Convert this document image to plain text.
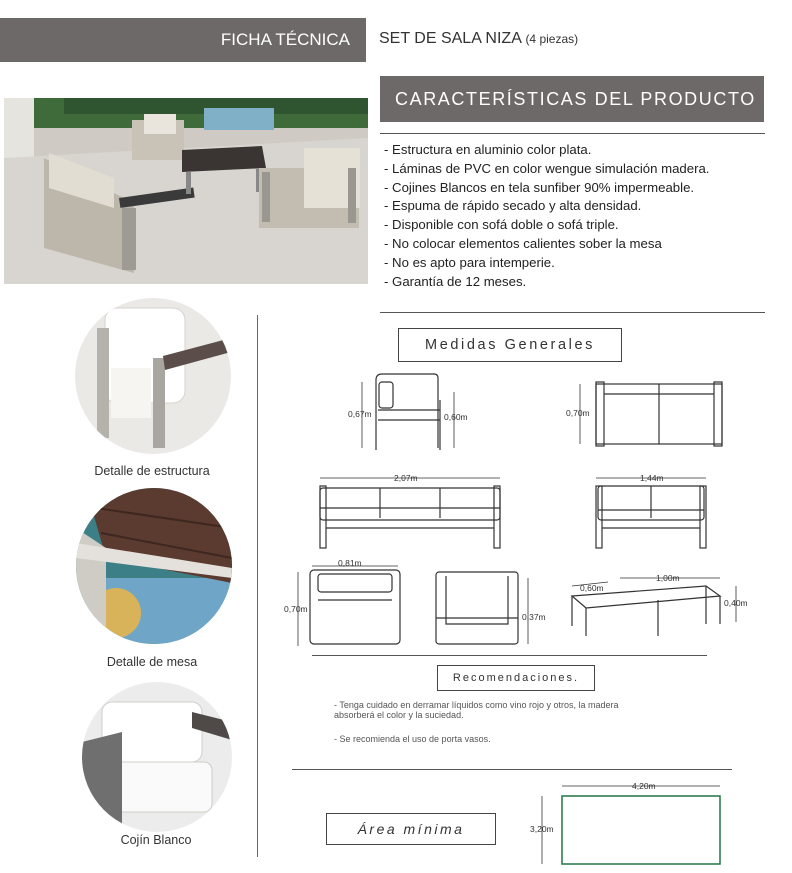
FICHA TÉCNICA SET DE SALA NIZA (4 piezas)
CARACTERÍSTICAS DEL PRODUCTO
- Estructura en aluminio color plata.
- Láminas de PVC en color wengue simulación madera.
- Cojines Blancos en tela sunfiber 90% impermeable.
- Espuma de rápido secado y alta densidad.
- Disponible con sofá doble o sofá triple.
- No colocar elementos calientes sober la mesa
- No es apto para intemperie.
- Garantía de 12 meses.
Detalle de estructura
Detalle de mesa
Cojín Blanco
Medidas Generales
0,67m	0,60m	0,70m
2,07m	1,44m
0,81m
0,70m
0,37m
0,60m
1,00m
0,40m
Recomendaciones.
- Tenga cuidado en derramar líquidos como vino rojo y otros, la madera
absorberá el color y la suciedad.
- Se recomienda el uso de porta vasos.
Área mínima
4,20m
3,20m
